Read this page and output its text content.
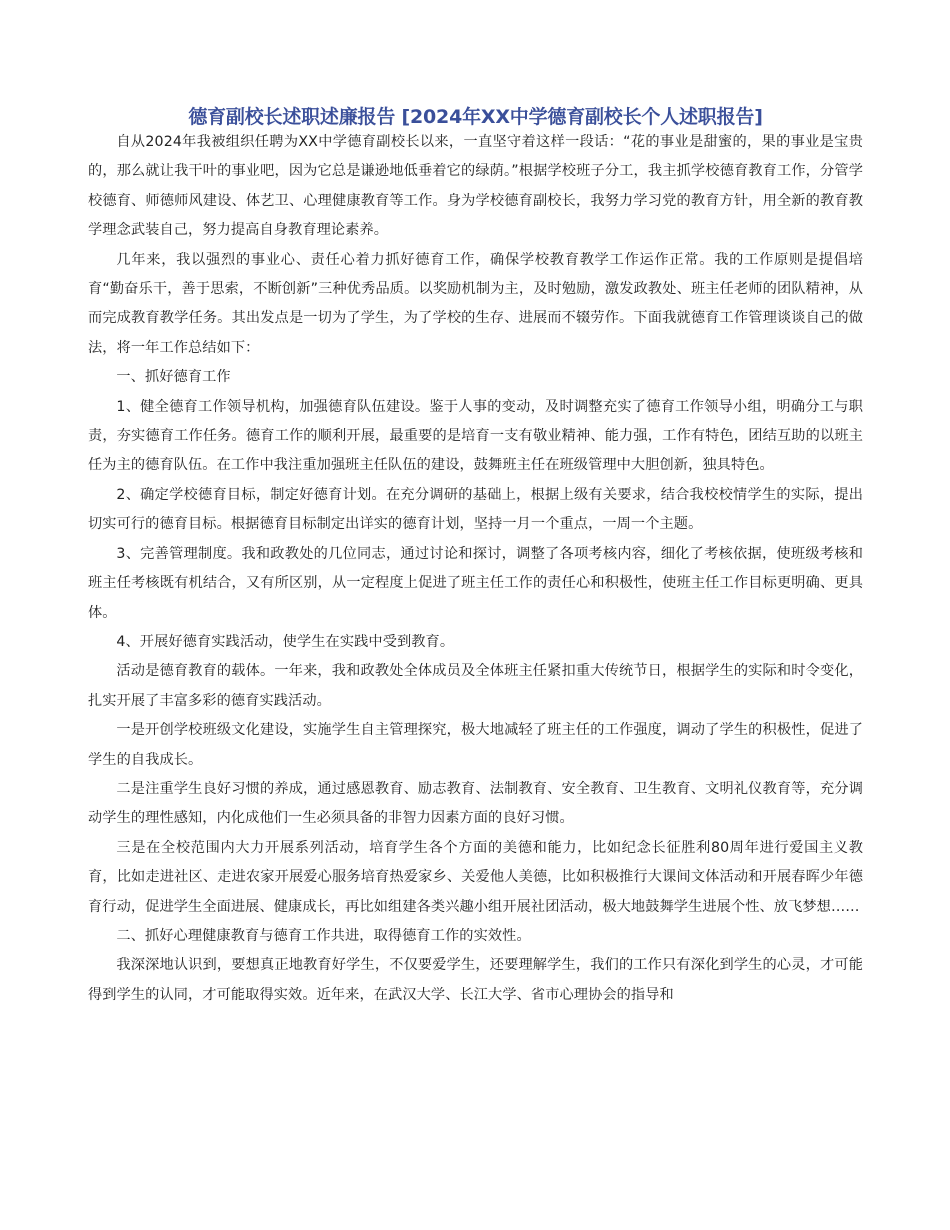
德育副校长述职述廉报告 [2024年XX中学德育副校长个人述职报告]

自从2024年我被组织任聘为XX中学德育副校长以来，一直坚守着这样一段话：“花的事业是甜蜜的，果的事业是宝贵的，那么就让我干叶的事业吧，因为它总是谦逊地低垂着它的绿荫。”根据学校班子分工，我主抓学校德育教育工作，分管学校德育、师德师风建设、体艺卫、心理健康教育等工作。身为学校德育副校长，我努力学习党的教育方针，用全新的教育教学理念武装自己，努力提高自身教育理论素养。

几年来，我以强烈的事业心、责任心着力抓好德育工作，确保学校教育教学工作运作正常。我的工作原则是提倡培育“勤奋乐干，善于思索，不断创新”三种优秀品质。以奖励机制为主，及时勉励，激发政教处、班主任老师的团队精神，从而完成教育教学任务。其出发点是一切为了学生，为了学校的生存、进展而不辍劳作。下面我就德育工作管理谈谈自己的做法，将一年工作总结如下：

一、抓好德育工作

1、健全德育工作领导机构，加强德育队伍建设。鉴于人事的变动，及时调整充实了德育工作领导小组，明确分工与职责，夯实德育工作任务。德育工作的顺利开展，最重要的是培育一支有敬业精神、能力强，工作有特色，团结互助的以班主任为主的德育队伍。在工作中我注重加强班主任队伍的建设，鼓舞班主任在班级管理中大胆创新，独具特色。

2、确定学校德育目标，制定好德育计划。在充分调研的基础上，根据上级有关要求，结合我校校情学生的实际，提出切实可行的德育目标。根据德育目标制定出详实的德育计划，坚持一月一个重点，一周一个主题。

3、完善管理制度。我和政教处的几位同志，通过讨论和探讨，调整了各项考核内容，细化了考核依据，使班级考核和班主任考核既有机结合，又有所区别，从一定程度上促进了班主任工作的责任心和积极性，使班主任工作目标更明确、更具体。

4、开展好德育实践活动，使学生在实践中受到教育。

活动是德育教育的载体。一年来，我和政教处全体成员及全体班主任紧扣重大传统节日，根据学生的实际和时令变化，扎实开展了丰富多彩的德育实践活动。

一是开创学校班级文化建设，实施学生自主管理探究，极大地减轻了班主任的工作强度，调动了学生的积极性，促进了学生的自我成长。

二是注重学生良好习惯的养成，通过感恩教育、励志教育、法制教育、安全教育、卫生教育、文明礼仪教育等，充分调动学生的理性感知，内化成他们一生必须具备的非智力因素方面的良好习惯。

三是在全校范围内大力开展系列活动，培育学生各个方面的美德和能力，比如纪念长征胜利80周年进行爱国主义教育，比如走进社区、走进农家开展爱心服务培育热爱家乡、关爱他人美德，比如积极推行大课间文体活动和开展春晖少年德育行动，促进学生全面进展、健康成长，再比如组建各类兴趣小组开展社团活动，极大地鼓舞学生进展个性、放飞梦想……

二、抓好心理健康教育与德育工作共进，取得德育工作的实效性。

我深深地认识到，要想真正地教育好学生，不仅要爱学生，还要理解学生，我们的工作只有深化到学生的心灵，才可能得到学生的认同，才可能取得实效。近年来，在武汉大学、长江大学、省市心理协会的指导和
